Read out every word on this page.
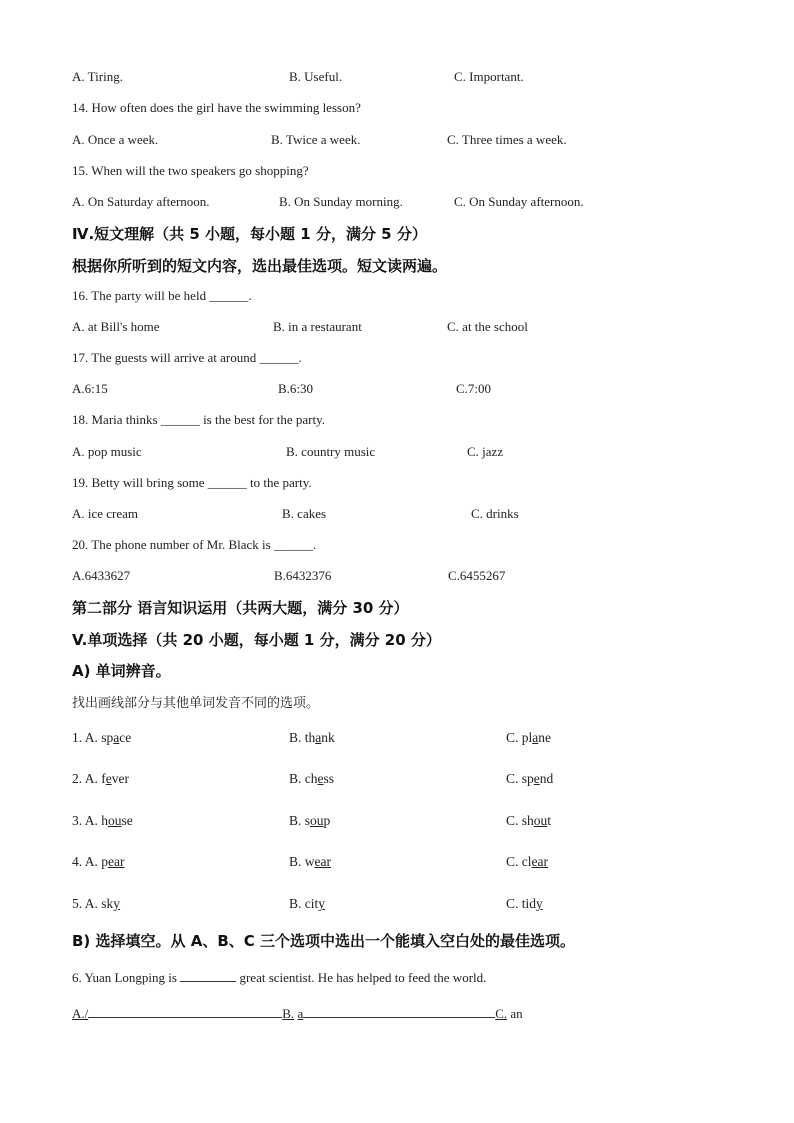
A. Tiring.	B. Useful.	C. Important.
14. How often does the girl have the swimming lesson?
A. Once a week.	B. Twice a week.	C. Three times a week.
15. When will the two speakers go shopping?
A. On Saturday afternoon.	B. On Sunday morning.	C. On Sunday afternoon.
Ⅳ.短文理解（共 5 小题，每小题 1 分，满分 5 分）
根据你所听到的短文内容，选出最佳选项。短文读两遍。
16. The party will be held ______.
A. at Bill's home	B. in a restaurant	C. at the school
17. The guests will arrive at around ______.
A.6:15	B.6:30	C.7:00
18. Maria thinks ______ is the best for the party.
A. pop music	B. country music	C. jazz
19. Betty will bring some ______ to the party.
A. ice cream	B. cakes	C. drinks
20. The phone number of Mr. Black is ______.
A.6433627	B.6432376	C.6455267
第二部分 语言知识运用（共两大题，满分 30 分）
V.单项选择（共 20 小题，每小题 1 分，满分 20 分）
A) 单词辨音。
找出画线部分与其他单词发音不同的选项。
1. A. space	B. thank	C. plane
2. A. fever	B. chess	C. spend
3. A. house	B. soup	C. shout
4. A. pear	B. wear	C. clear
5. A. sky	B. city	C. tidy
B) 选择填空。从 A、B、C 三个选项中选出一个能填入空白处的最佳选项。
6. Yuan Longping is	great scientist. He has helped to feed the world.
A./	B. a	C. an
